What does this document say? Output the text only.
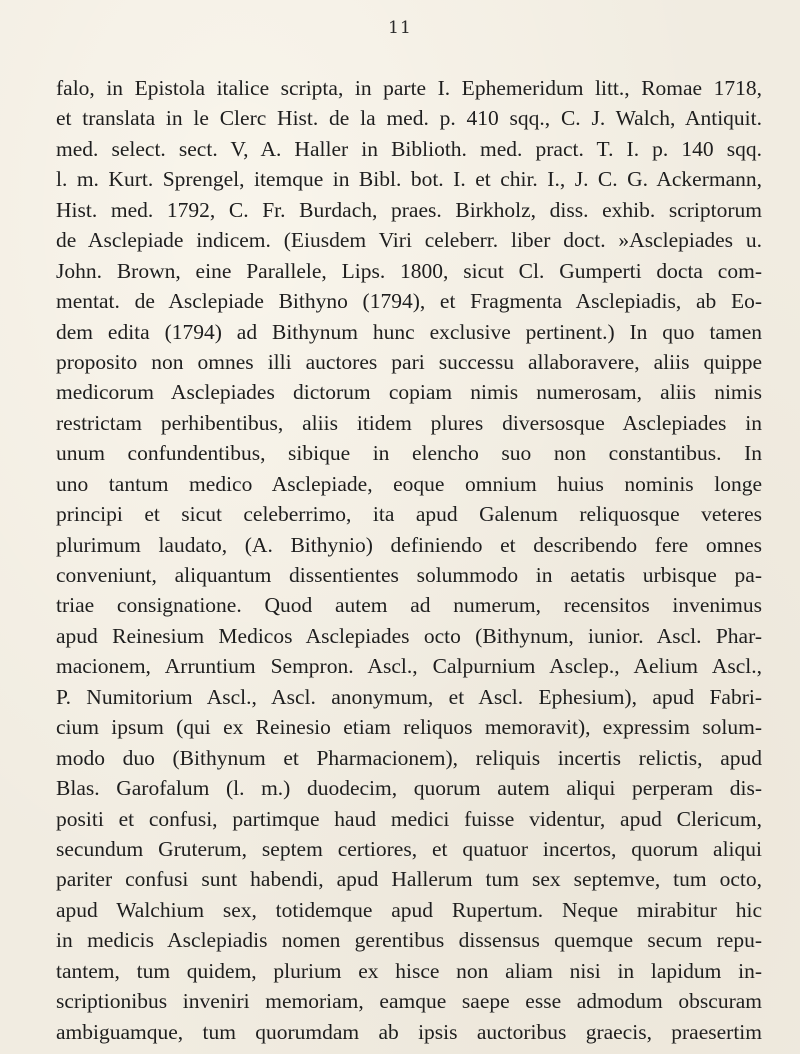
11
falo, in Epistola italice scripta, in parte I. Ephemeridum litt., Romae 1718,
et translata in le Clerc Hist. de la med. p. 410 sqq., C. J. Walch, Antiquit.
med. select. sect. V, A. Haller in Biblioth. med. pract. T. I. p. 140 sqq.
l. m. Kurt. Sprengel, itemque in Bibl. bot. I. et chir. I., J. C. G. Ackermann,
Hist. med. 1792, C. Fr. Burdach, praes. Birkholz, diss. exhib. scriptorum
de Asclepiade indicem. (Eiusdem Viri celeberr. liber doct. »Asclepiades u.
John. Brown, eine Parallele, Lips. 1800, sicut Cl. Gumperti docta com-
mentat. de Asclepiade Bithyno (1794), et Fragmenta Asclepiadis, ab Eo-
dem edita (1794) ad Bithynum hunc exclusive pertinent.) In quo tamen
proposito non omnes illi auctores pari successu allaboravere, aliis quippe
medicorum Asclepiades dictorum copiam nimis numerosam, aliis nimis
restrictam perhibentibus, aliis itidem plures diversosque Asclepiades in
unum confundentibus, sibique in elencho suo non constantibus. In
uno tantum medico Asclepiade, eoque omnium huius nominis longe
principi et sicut celeberrimo, ita apud Galenum reliquosque veteres
plurimum laudato, (A. Bithynio) definiendo et describendo fere omnes
conveniunt, aliquantum dissentientes solummodo in aetatis urbisque pa-
triae consignatione. Quod autem ad numerum, recensitos invenimus
apud Reinesium Medicos Asclepiades octo (Bithynum, iunior. Ascl. Phar-
macionem, Arruntium Sempron. Ascl., Calpurnium Asclep., Aelium Ascl.,
P. Numitorium Ascl., Ascl. anonymum, et Ascl. Ephesium), apud Fabri-
cium ipsum (qui ex Reinesio etiam reliquos memoravit), expressim solum-
modo duo (Bithynum et Pharmacionem), reliquis incertis relictis, apud
Blas. Garofalum (l. m.) duodecim, quorum autem aliqui perperam dis-
positi et confusi, partimque haud medici fuisse videntur, apud Clericum,
secundum Gruterum, septem certiores, et quatuor incertos, quorum aliqui
pariter confusi sunt habendi, apud Hallerum tum sex septemve, tum octo,
apud Walchium sex, totidemque apud Rupertum. Neque mirabitur hic
in medicis Asclepiadis nomen gerentibus dissensus quemque secum repu-
tantem, tum quidem, plurium ex hisce non aliam nisi in lapidum in-
scriptionibus inveniri memoriam, eamque saepe esse admodum obscuram
ambiguamque, tum quorumdam ab ipsis auctoribus graecis, praesertim
